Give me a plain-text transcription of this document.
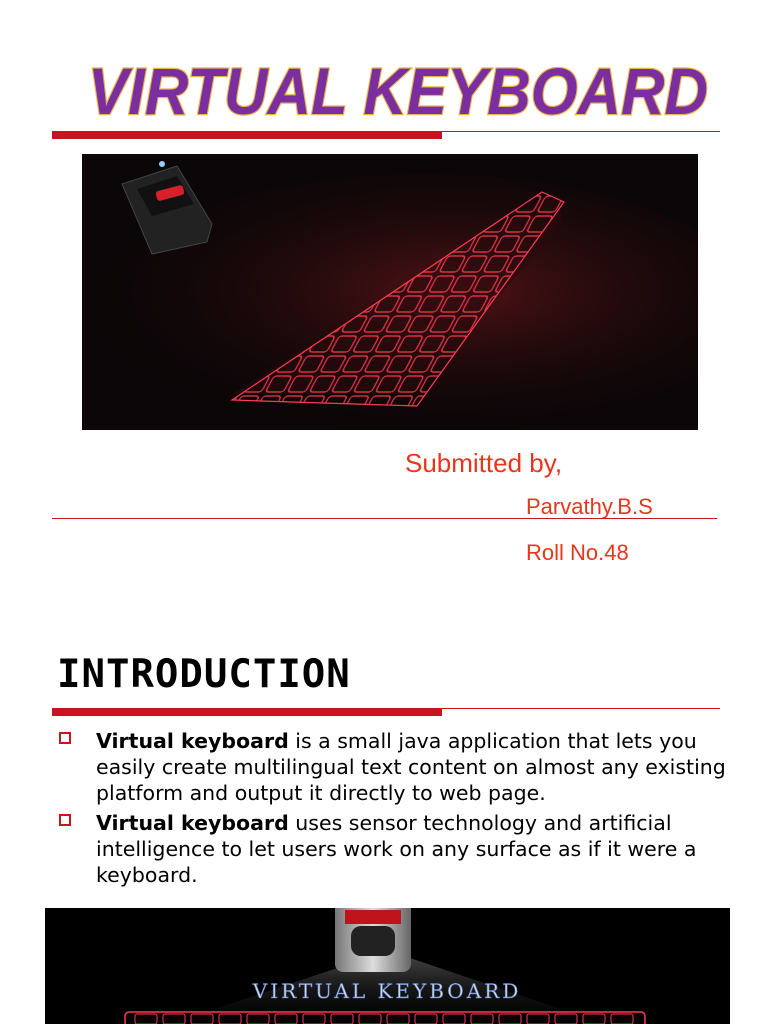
VIRTUAL KEYBOARD
Submitted by,
Parvathy.B.S
Roll No.48
INTRODUCTION
Virtual keyboard is a small java application that lets you easily create multilingual text content on almost any existing platform and output it directly to web page.
Virtual keyboard uses sensor technology and artificial intelligence to let users work on any surface as if it were a keyboard.
VIRTUAL KEYBOARD
